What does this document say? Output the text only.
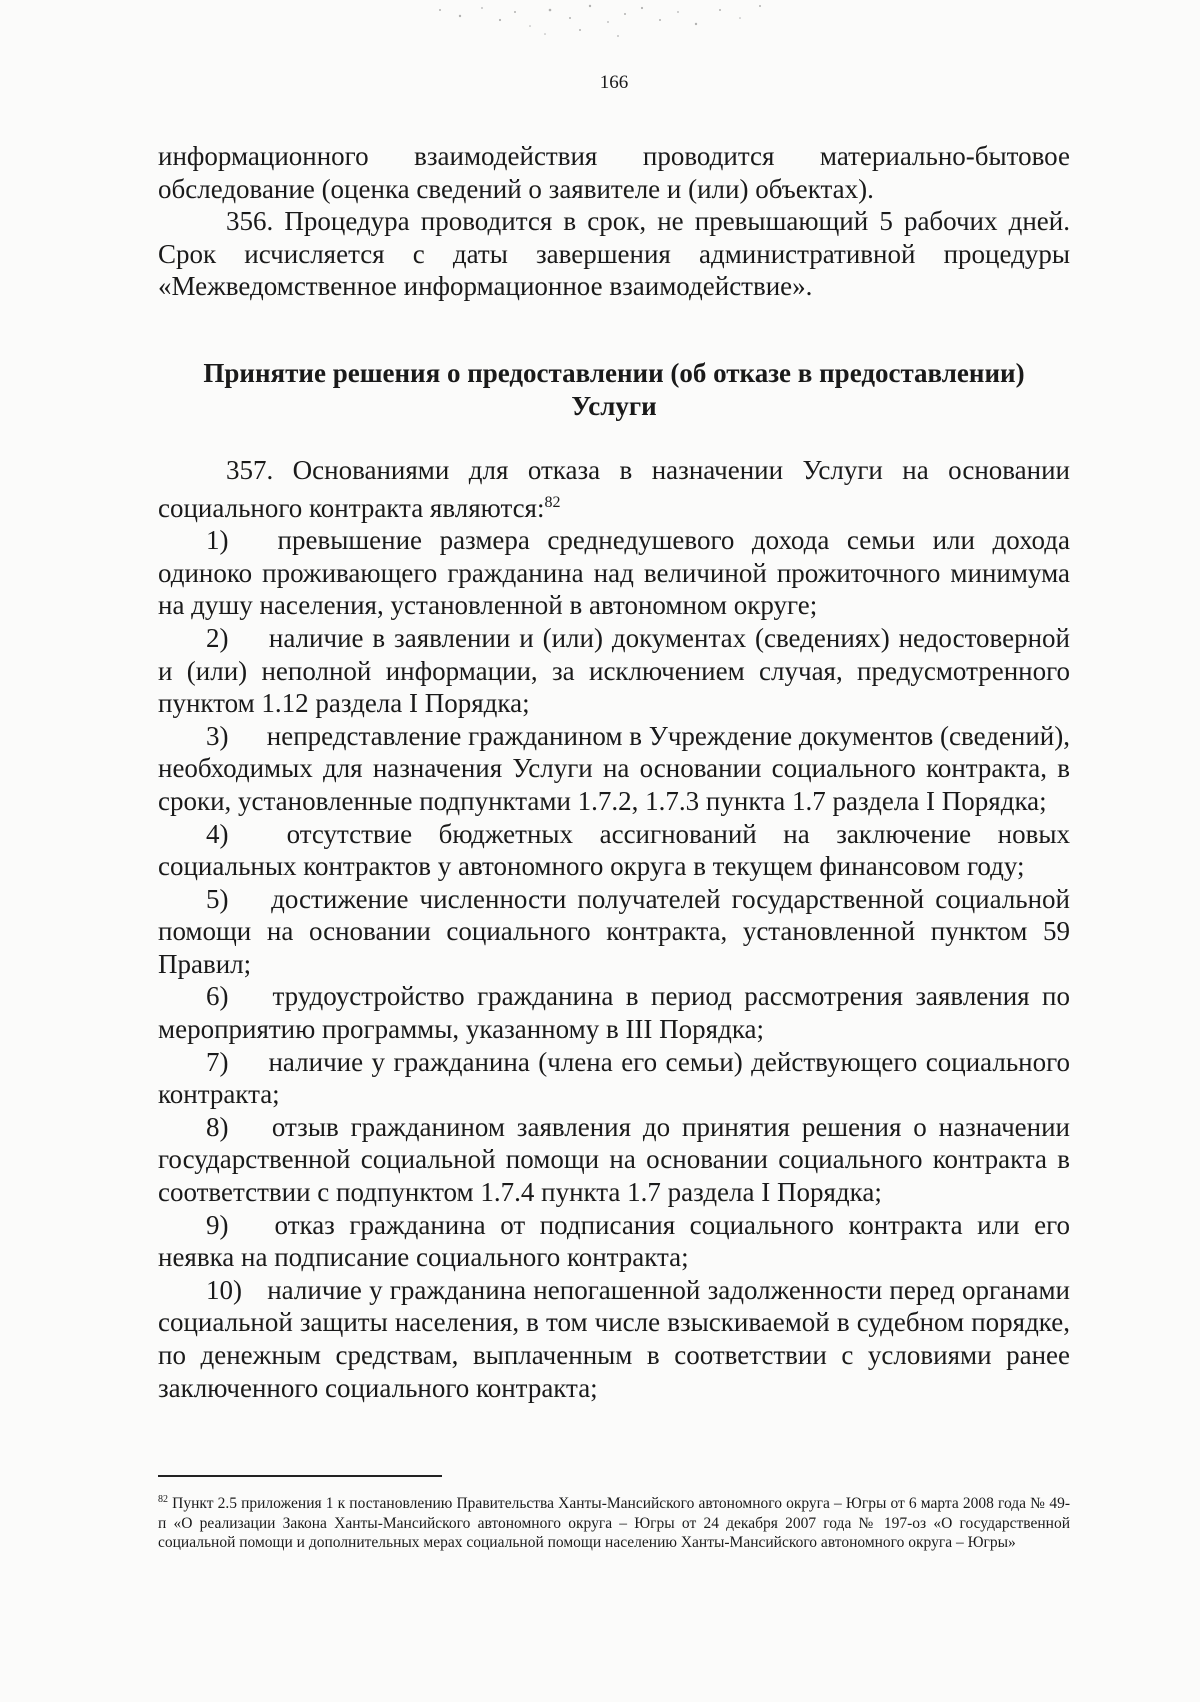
166

информационного взаимодействия проводится материально-бытовое обследование (оценка сведений о заявителе и (или) объектах).

356. Процедура проводится в срок, не превышающий 5 рабочих дней. Срок исчисляется с даты завершения административной процедуры «Межведомственное информационное взаимодействие».

Принятие решения о предоставлении (об отказе в предоставлении) Услуги

357. Основаниями для отказа в назначении Услуги на основании социального контракта являются:$^{82}$

1) превышение размера среднедушевого дохода семьи или дохода одиноко проживающего гражданина над величиной прожиточного минимума на душу населения, установленной в автономном округе;

2) наличие в заявлении и (или) документах (сведениях) недостоверной и (или) неполной информации, за исключением случая, предусмотренного пунктом 1.12 раздела I Порядка;

3) непредставление гражданином в Учреждение документов (сведений), необходимых для назначения Услуги на основании социального контракта, в сроки, установленные подпунктами 1.7.2, 1.7.3 пункта 1.7 раздела I Порядка;

4) отсутствие бюджетных ассигнований на заключение новых социальных контрактов у автономного округа в текущем финансовом году;

5) достижение численности получателей государственной социальной помощи на основании социального контракта, установленной пунктом 59 Правил;

6) трудоустройство гражданина в период рассмотрения заявления по мероприятию программы, указанному в III Порядка;

7) наличие у гражданина (члена его семьи) действующего социального контракта;

8) отзыв гражданином заявления до принятия решения о назначении государственной социальной помощи на основании социального контракта в соответствии с подпунктом 1.7.4 пункта 1.7 раздела I Порядка;

9) отказ гражданина от подписания социального контракта или его неявка на подписание социального контракта;

10) наличие у гражданина непогашенной задолженности перед органами социальной защиты населения, в том числе взыскиваемой в судебном порядке, по денежным средствам, выплаченным в соответствии с условиями ранее заключенного социального контракта;

$^{82}$ Пункт 2.5 приложения 1 к постановлению Правительства Ханты-Мансийского автономного округа – Югры от 6 марта 2008 года № 49-п «О реализации Закона Ханты-Мансийского автономного округа – Югры от 24 декабря 2007 года № 197-оз «О государственной социальной помощи и дополнительных мерах социальной помощи населению Ханты-Мансийского автономного округа – Югры»
